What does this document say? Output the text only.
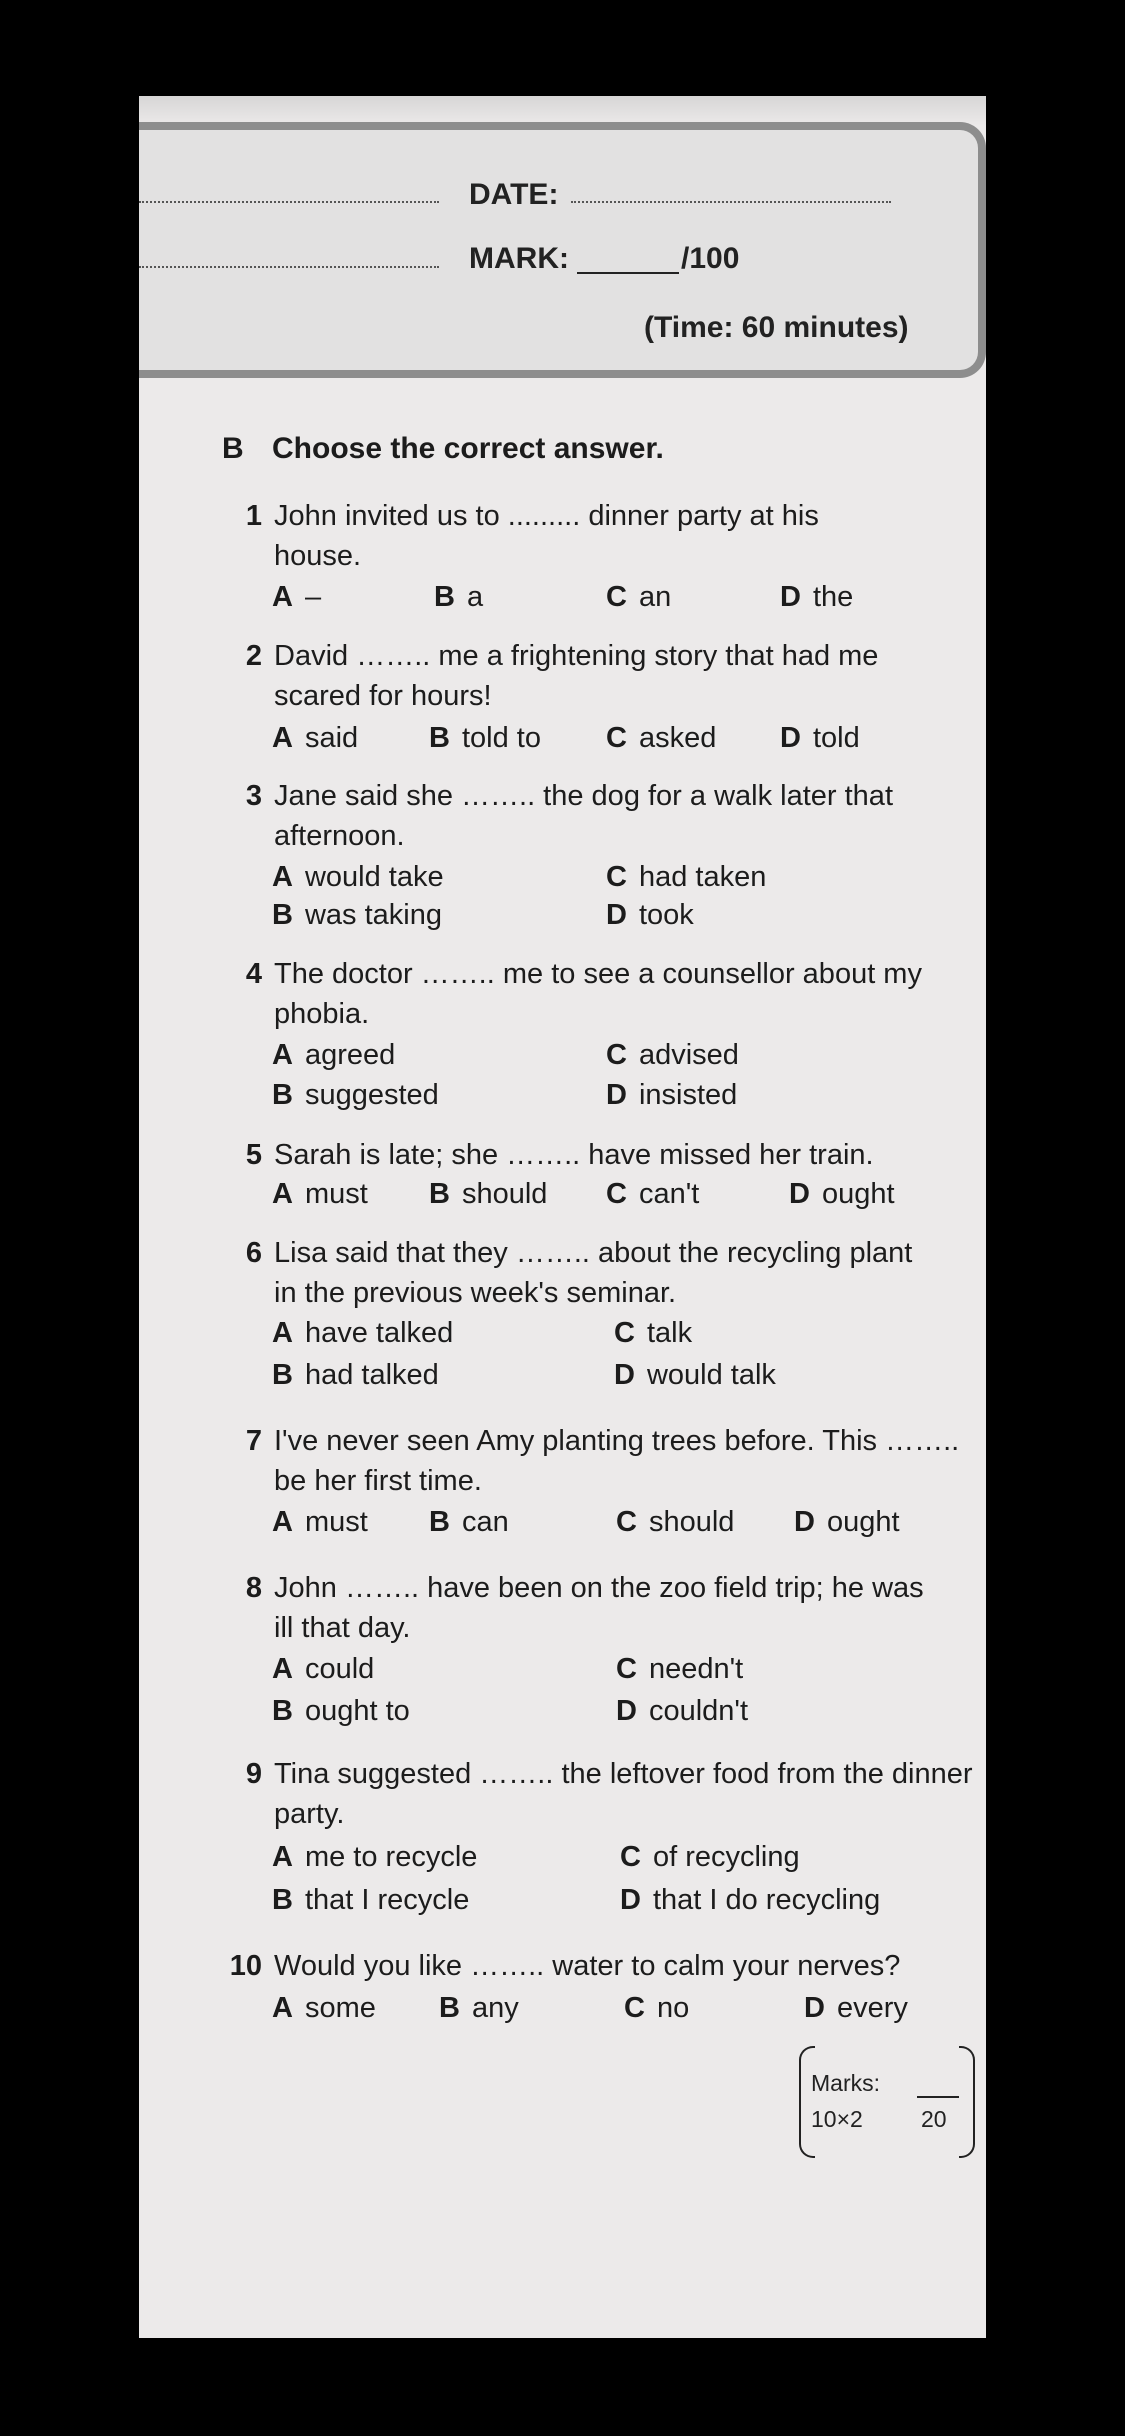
DATE:
MARK:	/100
(Time: 60 minutes)
B Choose the correct answer.
1 John invited us to ......... dinner party at his house.
A –	B a	C an	D the
2 David …….. me a frightening story that had me scared for hours!
A said B told to C asked D told
3 Jane said she …….. the dog for a walk later that afternoon.
A would take
B was taking
C had taken
D took
4 The doctor …….. me to see a counsellor about my phobia.
A agreed
B suggested
C advised
D insisted
5 Sarah is late; she …….. have missed her train.
A must B should C can't	D ought
6 Lisa said that they …….. about the recycling plant in the previous week's seminar.
A have talked
B had talked
C talk
D would talk
7 I've never seen Amy planting trees before. This …….. be her first time.
A must B can	C should D ought
8 John …….. have been on the zoo field trip; he was ill that day.
A could
B ought to
C needn't
D couldn't
9 Tina suggested …….. the leftover food from the dinner party.
A me to recycle
B that I recycle
C of recycling
D that I do recycling
10 Would you like …….. water to calm your nerves?
A some B any	C no	D every
Marks:
10×2	20
